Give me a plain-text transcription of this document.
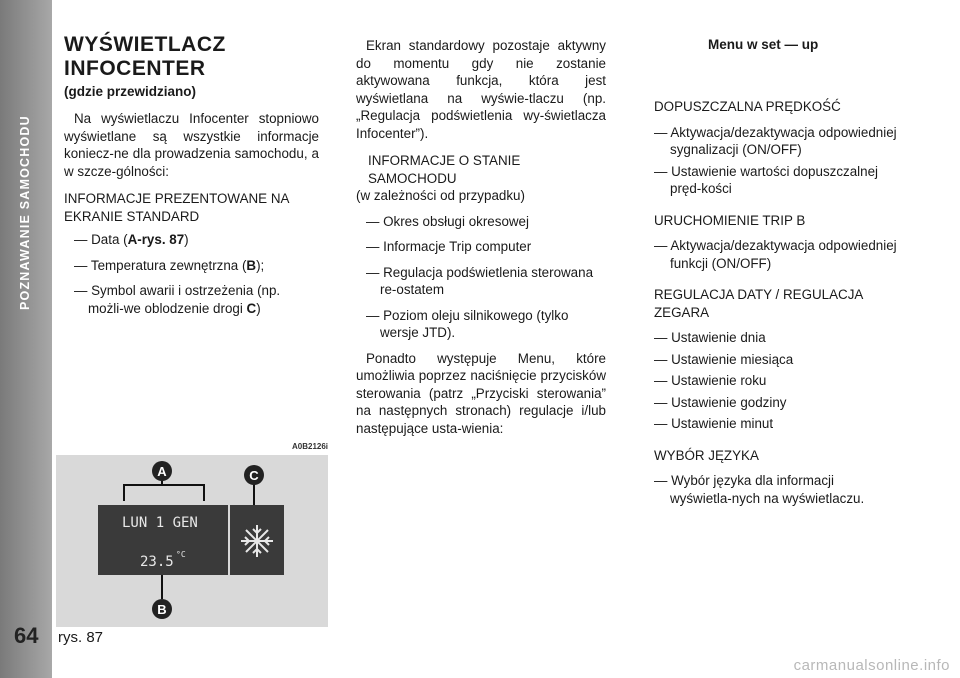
POZNAWANIE SAMOCHODU
64
WYŚWIETLACZ
INFOCENTER
(gdzie przewidziano)

Na wyświetlaczu Infocenter stopniowo wyświetlane są wszystkie informacje koniecz-ne dla prowadzenia samochodu, a w szcze-gólności:

INFORMACJE PREZENTOWANE NA EKRANIE STANDARD

— Data (A-rys. 87)

— Temperatura zewnętrzna (B);

— Symbol awarii i ostrzeżenia (np. możli-we oblodzenie drogi C)

A0B2126i
LUN 1 GEN
23.5 °C
A	C
B
rys. 87

Ekran standardowy pozostaje aktywny do momentu gdy nie zostanie aktywowana funkcja, która jest wyświetlana na wyświe-tlaczu (np. „Regulacja podświetlenia wy-świetlacza Infocenter”).

INFORMACJE O STANIE SAMOCHODU

(w zależności od przypadku)

— Okres obsługi okresowej

— Informacje Trip computer

— Regulacja podświetlenia sterowana re-ostatem

— Poziom oleju silnikowego (tylko wersje JTD).

Ponadto występuje Menu, które umożliwia poprzez naciśnięcie przycisków sterowania (patrz „Przyciski sterowania” na następnych stronach) regulacje i/lub następujące usta-wienia:

Menu w set — up

DOPUSZCZALNA PRĘDKOŚĆ

— Aktywacja/dezaktywacja odpowiedniej sygnalizacji (ON/OFF)

— Ustawienie wartości dopuszczalnej pręd-kości

URUCHOMIENIE TRIP B

— Aktywacja/dezaktywacja odpowiedniej funkcji (ON/OFF)

REGULACJA DATY / REGULACJA ZEGARA

— Ustawienie dnia

— Ustawienie miesiąca

— Ustawienie roku

— Ustawienie godziny

— Ustawienie minut

WYBÓR JĘZYKA

— Wybór języka dla informacji wyświetla-nych na wyświetlaczu.

carmanualsonline.info
